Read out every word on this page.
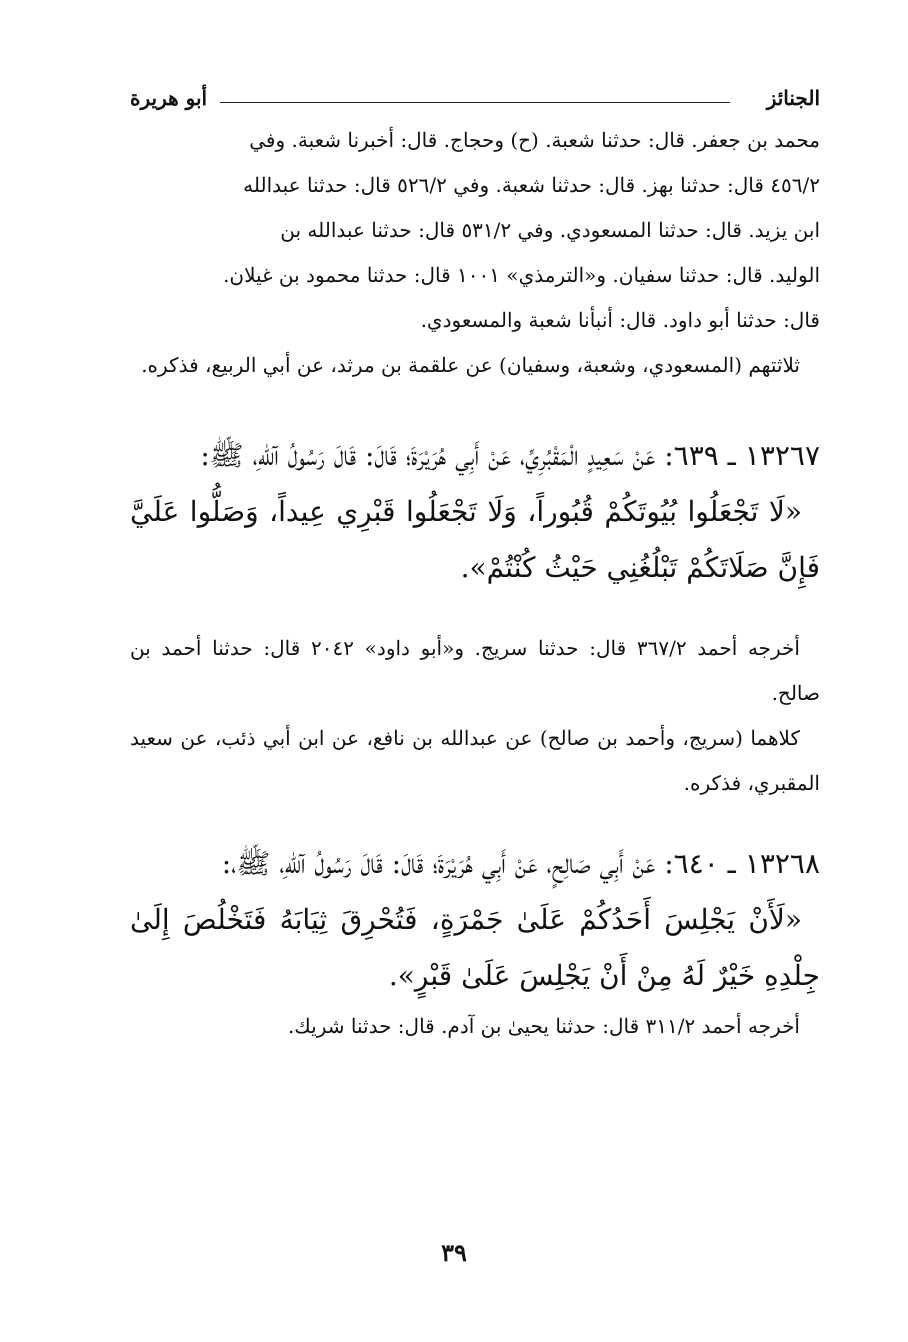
الجنائز
أبو هريرة

محمد بن جعفر. قال: حدثنا شعبة. (ح) وحجاج. قال: أخبرنا شعبة. وفي

٤٥٦/٢ قال: حدثنا بهز. قال: حدثنا شعبة. وفي ٥٢٦/٢ قال: حدثنا عبدالله

ابن يزيد. قال: حدثنا المسعودي. وفي ٥٣١/٢ قال: حدثنا عبدالله بن

الوليد. قال: حدثنا سفيان. و«الترمذي» ١٠٠١ قال: حدثنا محمود بن غيلان.

قال: حدثنا أبو داود. قال: أنبأنا شعبة والمسعودي.

ثلاثتهم (المسعودي، وشعبة، وسفيان) عن علقمة بن مرثد، عن أبي الربيع، فذكره.

١٣٢٦٧ ـ ٦٣٩: عَنْ سَعِيدٍ الْمَقْبُرِيِّ، عَنْ أَبِي هُرَيْرَةَ؛ قَالَ: قَالَ رَسُولُ آللهِ، ﷺ:

«لَا تَجْعَلُوا بُيُوتَكُمْ قُبُوراً، وَلَا تَجْعَلُوا قَبْرِي عِيداً، وَصَلُّوا عَلَيَّ فَإِنَّ صَلَاتَكُمْ تَبْلُغُنِي حَيْثُ كُنْتُمْ».

أخرجه أحمد ٣٦٧/٢ قال: حدثنا سريج. و«أبو داود» ٢٠٤٢ قال: حدثنا أحمد بن صالح.

كلاهما (سريج، وأحمد بن صالح) عن عبدالله بن نافع، عن ابن أبي ذئب، عن سعيد المقبري، فذكره.

١٣٢٦٨ ـ ٦٤٠: عَنْ أَبِي صَالِحٍ، عَنْ أَبِي هُرَيْرَةَ؛ قَالَ: قَالَ رَسُولُ آللهِ، ﷺ،:

«لَأَنْ يَجْلِسَ أَحَدُكُمْ عَلَىٰ جَمْرَةٍ، فَتُحْرِقَ ثِيَابَهُ فَتَخْلُصَ إِلَىٰ جِلْدِهِ خَيْرٌ لَهُ مِنْ أَنْ يَجْلِسَ عَلَىٰ قَبْرٍ».

أخرجه أحمد ٣١١/٢ قال: حدثنا يحيىٰ بن آدم. قال: حدثنا شريك.

٣٩
